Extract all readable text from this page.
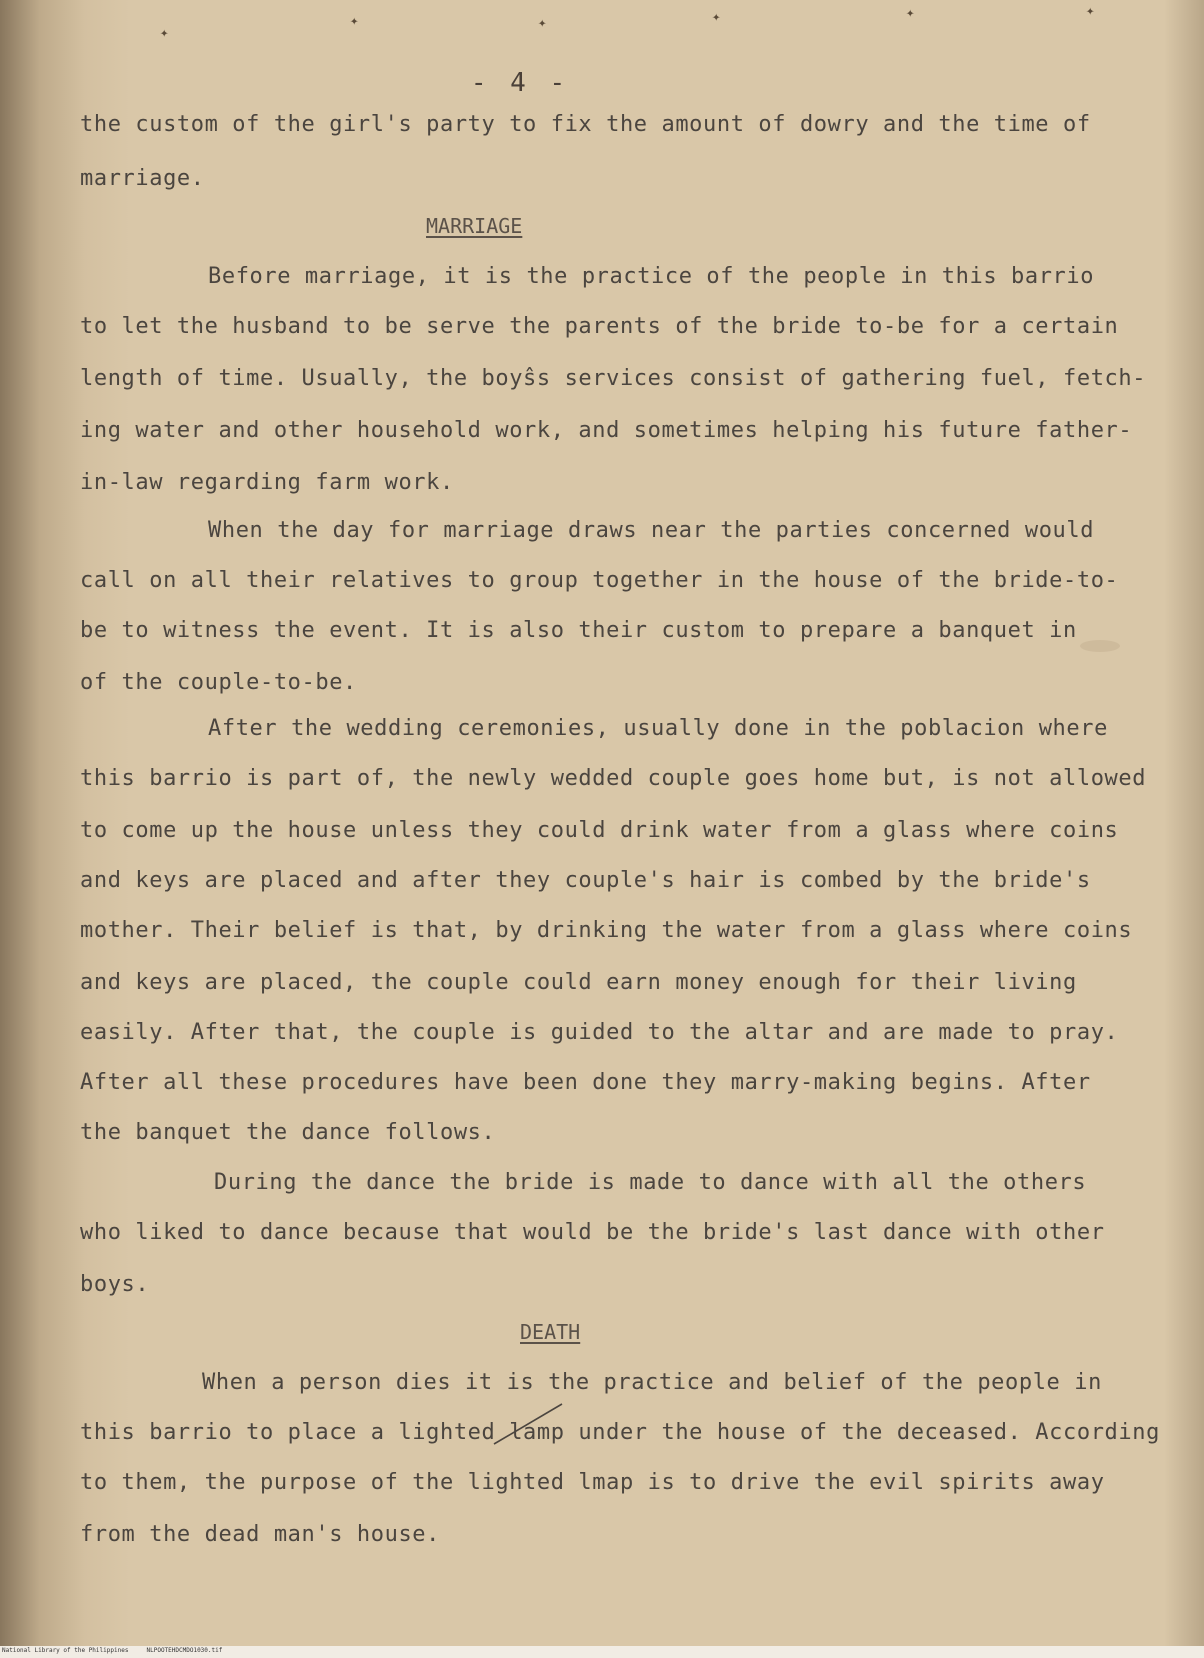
✦
✦	✦	✦	✦	✦
- 4 -
the custom of the girl's party to fix the amount of dowry and the time of
marriage.
MARRIAGE
Before marriage, it is the practice of the people in this barrio
to let the husband to be serve the parents of the bride to-be for a certain
length of time. Usually, the boyŝs services consist of gathering fuel, fetch-
ing water and other household work, and sometimes helping his future father-
in-law regarding farm work.
When the day for marriage draws near the parties concerned would
call on all their relatives to group together in the house of the bride-to-
be to witness the event. It is also their custom to prepare a banquet in
of the couple-to-be.
After the wedding ceremonies, usually done in the poblacion where
this barrio is part of, the newly wedded couple goes home but, is not allowed
to come up the house unless they could drink water from a glass where coins
and keys are placed and after they couple's hair is combed by the bride's
mother. Their belief is that, by drinking the water from a glass where coins
and keys are placed, the couple could earn money enough for their living
easily. After that, the couple is guided to the altar and are made to pray.
After all these procedures have been done they marry-making begins. After
the banquet the dance follows.
During the dance the bride is made to dance with all the others
who liked to dance because that would be the bride's last dance with other
boys.
DEATH
When a person dies it is the practice and belief of the people in
this barrio to place a lighted lamp under the house of the deceased. According
to them, the purpose of the lighted lmap is to drive the evil spirits away
from the dead man's house.
National Library of the Philippines     NLPOOTEHDCMDO1030.tif
